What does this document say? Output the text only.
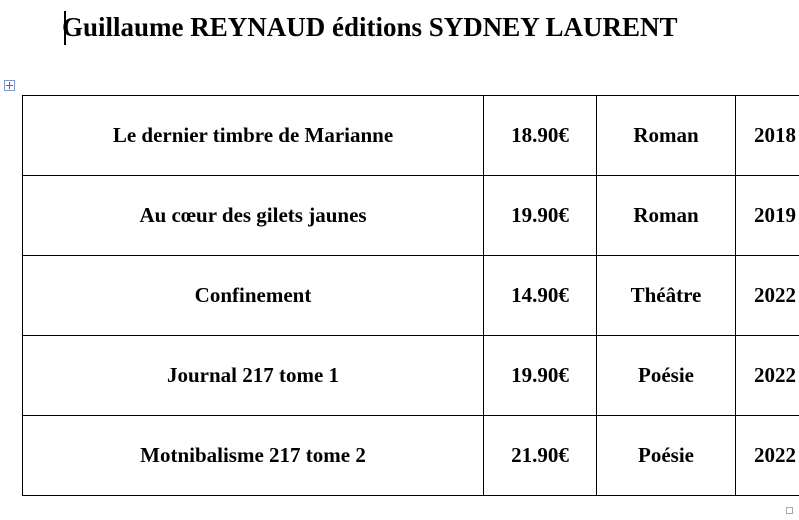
Guillaume REYNAUD éditions SYDNEY LAURENT
Le dernier timbre de Marianne	18.90€	Roman	2018
Au cœur des gilets jaunes	19.90€	Roman	2019
Confinement	14.90€	Théâtre	2022
Journal 217 tome 1	19.90€	Poésie	2022
Motnibalisme 217 tome 2	21.90€	Poésie	2022
